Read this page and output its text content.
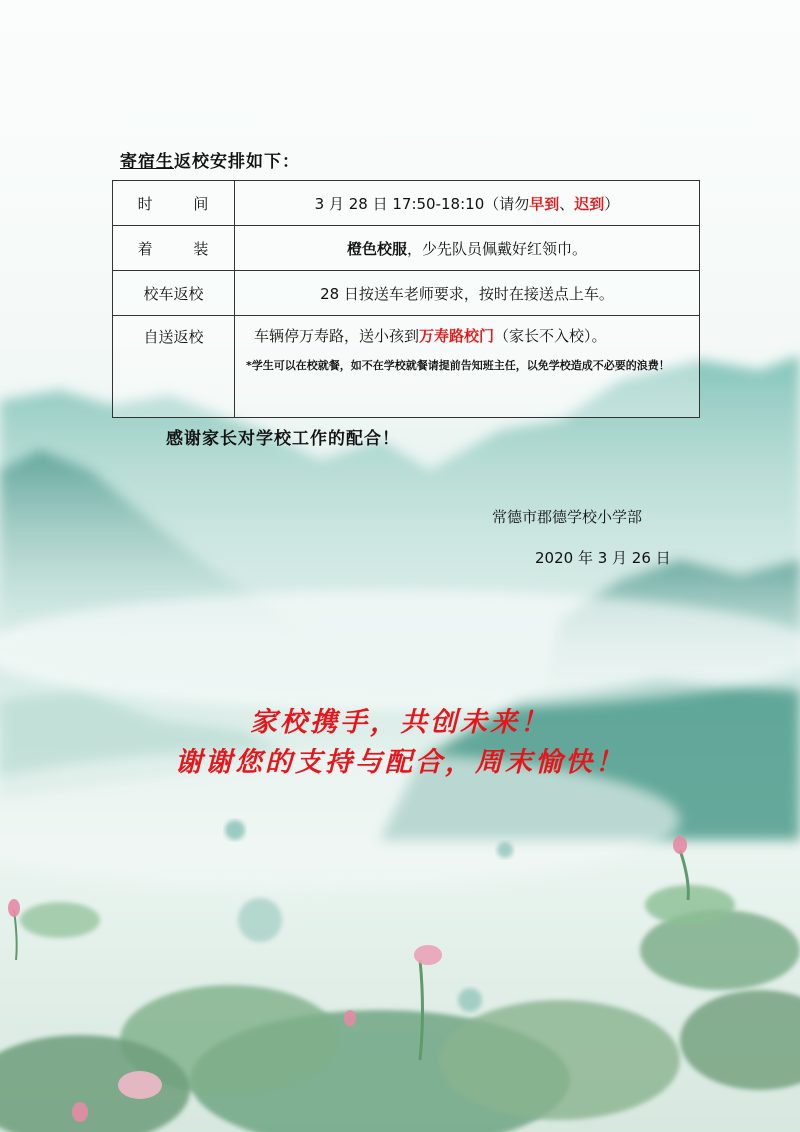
寄宿生返校安排如下：
时 间	3 月 28 日 17:50-18:10（请勿早到、迟到）
着 装	橙色校服，少先队员佩戴好红领巾。
校车返校	28 日按送车老师要求，按时在接送点上车。
自送返校	车辆停万寿路，送小孩到万寿路校门（家长不入校）。
*学生可以在校就餐，如不在学校就餐请提前告知班主任，以免学校造成不必要的浪费！
感谢家长对学校工作的配合！
常德市郡德学校小学部
2020 年 3 月 26 日
家校携手，共创未来！
谢谢您的支持与配合，周末愉快！
